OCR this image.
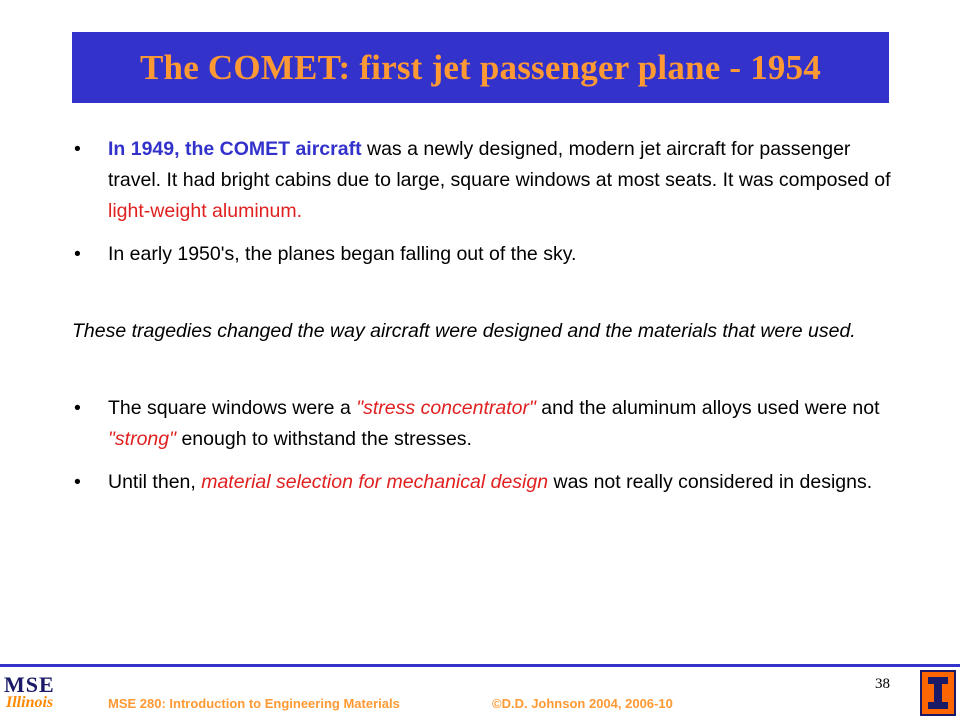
The COMET: first jet passenger plane - 1954
• In 1949, the COMET aircraft was a newly designed, modern jet aircraft for passenger travel. It had bright cabins due to large, square windows at most seats. It was composed of light-weight aluminum.
• In early 1950's, the planes began falling out of the sky.

These tragedies changed the way aircraft were designed and the materials that were used.

• The square windows were a "stress concentrator" and the aluminum alloys used were not "strong" enough to withstand the stresses.
• Until then, material selection for mechanical design was not really considered in designs.
MSE
Illinois
38
MSE 280: Introduction to Engineering Materials	©D.D. Johnson 2004, 2006-10
